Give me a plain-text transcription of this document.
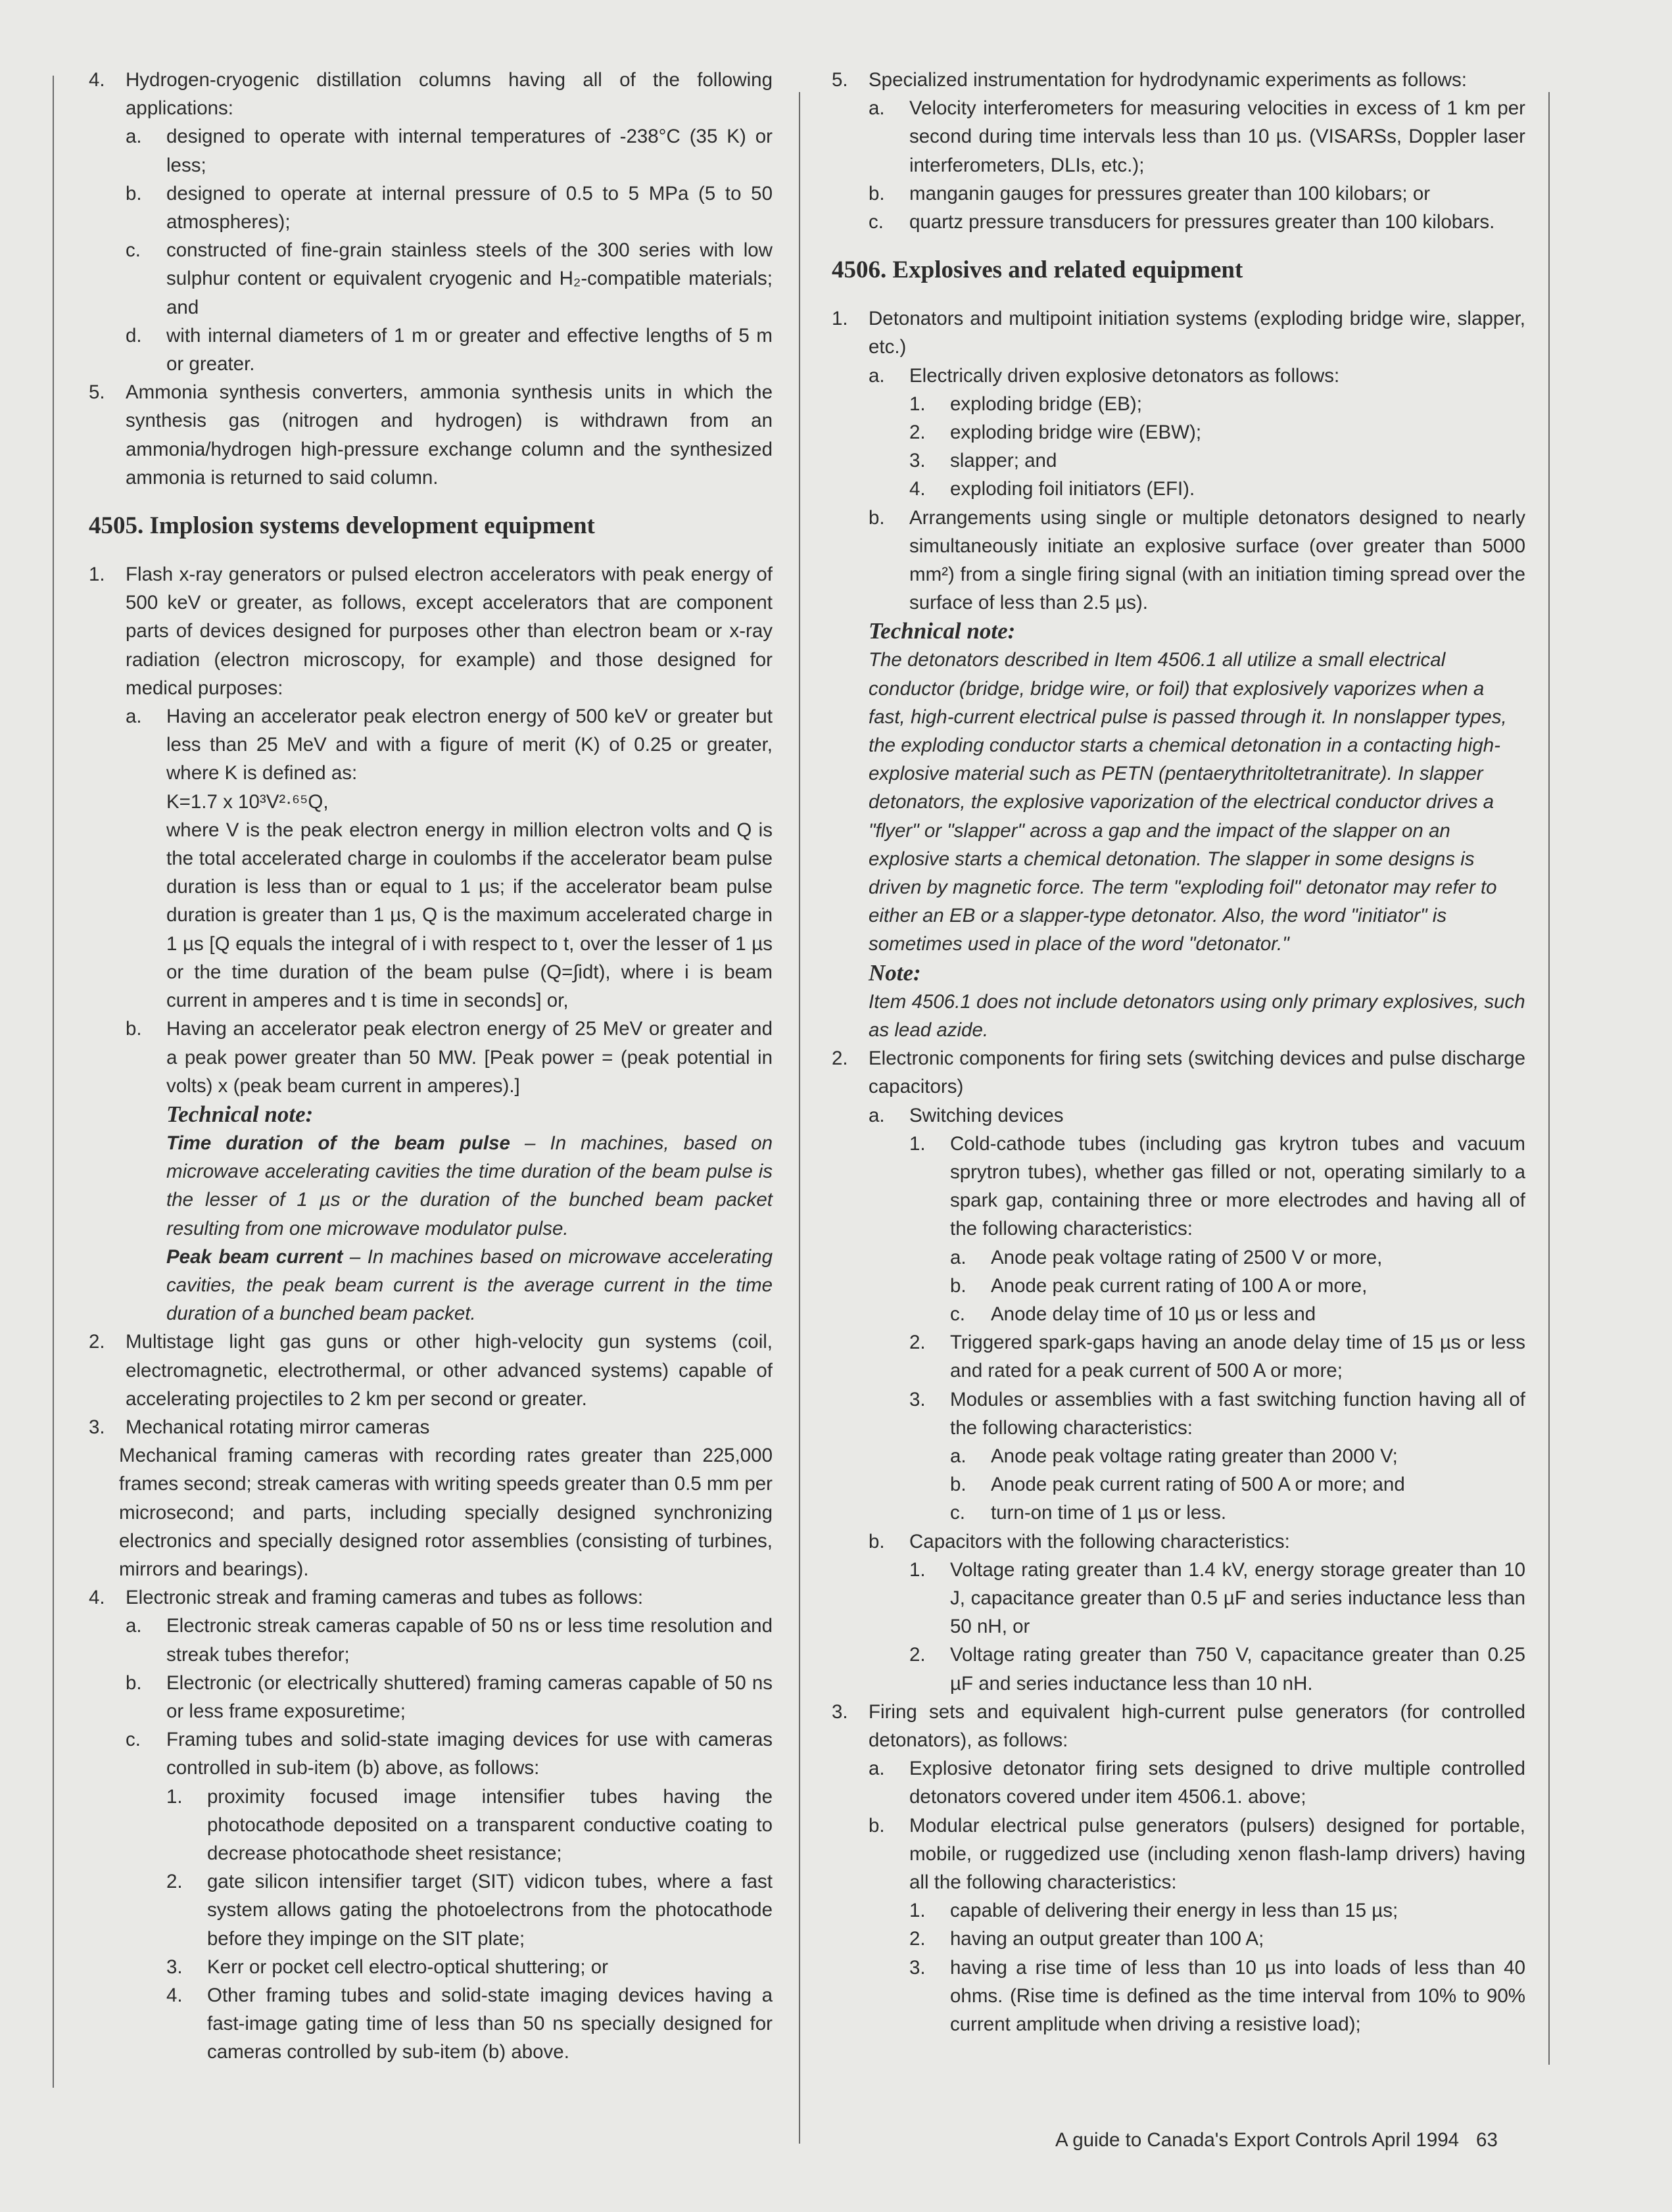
4.	Hydrogen-cryogenic distillation columns having all of the following applications:
a.	designed to operate with internal temperatures of -238°C (35 K) or less;
b.	designed to operate at internal pressure of 0.5 to 5 MPa (5 to 50 atmospheres);
c.	constructed of fine-grain stainless steels of the 300 series with low sulphur content or equivalent cryogenic and H₂-compatible materials; and
d.	with internal diameters of 1 m or greater and effective lengths of 5 m or greater.
5.	Ammonia synthesis converters, ammonia synthesis units in which the synthesis gas (nitrogen and hydrogen) is withdrawn from an ammonia/hydrogen high-pressure exchange column and the synthesized ammonia is returned to said column.
4505. Implosion systems development equipment
1.	Flash x-ray generators or pulsed electron accelerators with peak energy of 500 keV or greater, as follows, except accelerators that are component parts of devices designed for purposes other than electron beam or x-ray radiation (electron microscopy, for example) and those designed for medical purposes:
a.	Having an accelerator peak electron energy of 500 keV or greater but less than 25 MeV and with a figure of merit (K) of 0.25 or greater, where K is defined as:
K=1.7 x 10³V²·⁶⁵Q,
where V is the peak electron energy in million electron volts and Q is the total accelerated charge in coulombs if the accelerator beam pulse duration is less than or equal to 1 µs; if the accelerator beam pulse duration is greater than 1 µs, Q is the maximum accelerated charge in 1 µs [Q equals the integral of i with respect to t, over the lesser of 1 µs or the time duration of the beam pulse (Q=∫idt), where i is beam current in amperes and t is time in seconds] or,
b.	Having an accelerator peak electron energy of 25 MeV or greater and a peak power greater than 50 MW. [Peak power = (peak potential in volts) x (peak beam current in amperes).]
Technical note:
Time duration of the beam pulse – In machines, based on microwave accelerating cavities the time duration of the beam pulse is the lesser of 1 µs or the duration of the bunched beam packet resulting from one microwave modulator pulse.
Peak beam current – In machines based on microwave accelerating cavities, the peak beam current is the average current in the time duration of a bunched beam packet.
2.	Multistage light gas guns or other high-velocity gun systems (coil, electromagnetic, electrothermal, or other advanced systems) capable of accelerating projectiles to 2 km per second or greater.
3.	Mechanical rotating mirror cameras
Mechanical framing cameras with recording rates greater than 225,000 frames second; streak cameras with writing speeds greater than 0.5 mm per microsecond; and parts, including specially designed synchronizing electronics and specially designed rotor assemblies (consisting of turbines, mirrors and bearings).
4.	Electronic streak and framing cameras and tubes as follows:
a.	Electronic streak cameras capable of 50 ns or less time resolution and streak tubes therefor;
b.	Electronic (or electrically shuttered) framing cameras capable of 50 ns or less frame exposuretime;
c.	Framing tubes and solid-state imaging devices for use with cameras controlled in sub-item (b) above, as follows:
1.	proximity focused image intensifier tubes having the photocathode deposited on a transparent conductive coating to decrease photocathode sheet resistance;
2.	gate silicon intensifier target (SIT) vidicon tubes, where a fast system allows gating the photoelectrons from the photocathode before they impinge on the SIT plate;
3.	Kerr or pocket cell electro-optical shuttering; or
4.	Other framing tubes and solid-state imaging devices having a fast-image gating time of less than 50 ns specially designed for cameras controlled by sub-item (b) above.
5.	Specialized instrumentation for hydrodynamic experiments as follows:
a.	Velocity interferometers for measuring velocities in excess of 1 km per second during time intervals less than 10 µs. (VISARSs, Doppler laser interferometers, DLIs, etc.);
b.	manganin gauges for pressures greater than 100 kilobars; or
c.	quartz pressure transducers for pressures greater than 100 kilobars.
4506. Explosives and related equipment
1.	Detonators and multipoint initiation systems (exploding bridge wire, slapper, etc.)
a.	Electrically driven explosive detonators as follows:
1.	exploding bridge (EB);
2.	exploding bridge wire (EBW);
3.	slapper; and
4.	exploding foil initiators (EFI).
b.	Arrangements using single or multiple detonators designed to nearly simultaneously initiate an explosive surface (over greater than 5000 mm²) from a single firing signal (with an initiation timing spread over the surface of less than 2.5 µs).
Technical note:
The detonators described in Item 4506.1 all utilize a small electrical conductor (bridge, bridge wire, or foil) that explosively vaporizes when a fast, high-current electrical pulse is passed through it. In nonslapper types, the exploding conductor starts a chemical detonation in a contacting high-explosive material such as PETN (pentaerythritoltetranitrate). In slapper detonators, the explosive vaporization of the electrical conductor drives a "flyer" or "slapper" across a gap and the impact of the slapper on an explosive starts a chemical detonation. The slapper in some designs is driven by magnetic force. The term "exploding foil" detonator may refer to either an EB or a slapper-type detonator. Also, the word "initiator" is sometimes used in place of the word "detonator."
Note:
Item 4506.1 does not include detonators using only primary explosives, such as lead azide.
2.	Electronic components for firing sets (switching devices and pulse discharge capacitors)
a.	Switching devices
1.	Cold-cathode tubes (including gas krytron tubes and vacuum sprytron tubes), whether gas filled or not, operating similarly to a spark gap, containing three or more electrodes and having all of the following characteristics:
a.	Anode peak voltage rating of 2500 V or more,
b.	Anode peak current rating of 100 A or more,
c.	Anode delay time of 10 µs or less and
2.	Triggered spark-gaps having an anode delay time of 15 µs or less and rated for a peak current of 500 A or more;
3.	Modules or assemblies with a fast switching function having all of the following characteristics:
a.	Anode peak voltage rating greater than 2000 V;
b.	Anode peak current rating of 500 A or more; and
c.	turn-on time of 1 µs or less.
b.	Capacitors with the following characteristics:
1.	Voltage rating greater than 1.4 kV, energy storage greater than 10 J, capacitance greater than 0.5 µF and series inductance less than 50 nH, or
2.	Voltage rating greater than 750 V, capacitance greater than 0.25 µF and series inductance less than 10 nH.
3.	Firing sets and equivalent high-current pulse generators (for controlled detonators), as follows:
a.	Explosive detonator firing sets designed to drive multiple controlled detonators covered under item 4506.1. above;
b.	Modular electrical pulse generators (pulsers) designed for portable, mobile, or ruggedized use (including xenon flash-lamp drivers) having all the following characteristics:
1.	capable of delivering their energy in less than 15 µs;
2.	having an output greater than 100 A;
3.	having a rise time of less than 10 µs into loads of less than 40 ohms. (Rise time is defined as the time interval from 10% to 90% current amplitude when driving a resistive load);
A guide to Canada's Export Controls April 1994 63
